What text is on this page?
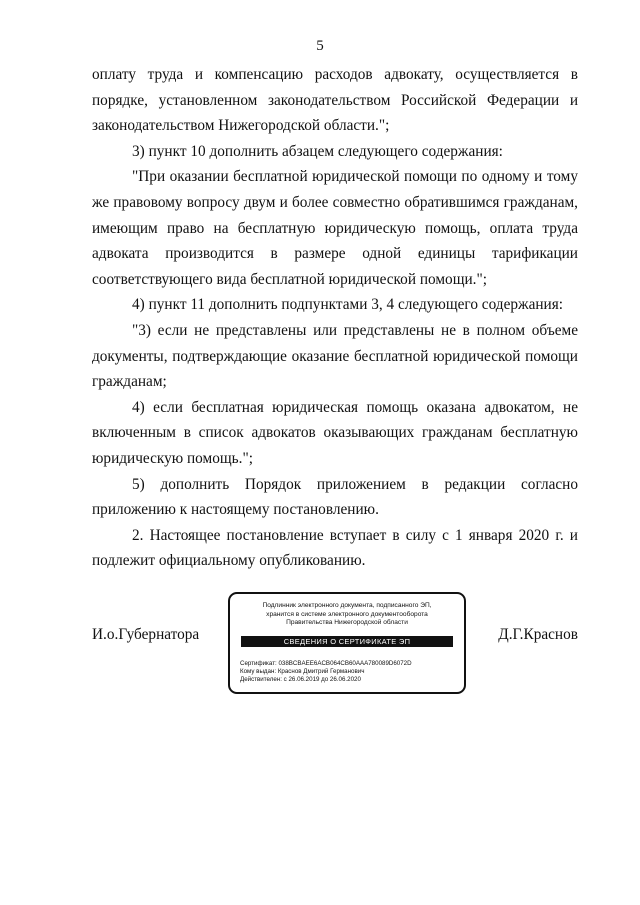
5

оплату труда и компенсацию расходов адвокату, осуществляется в порядке, установленном законодательством Российской Федерации и законодательством Нижегородской области.";

3) пункт 10 дополнить абзацем следующего содержания:

"При оказании бесплатной юридической помощи по одному и тому же правовому вопросу двум и более совместно обратившимся гражданам, имеющим право на бесплатную юридическую помощь, оплата труда адвоката производится в размере одной единицы тарификации соответствующего вида бесплатной юридической помощи.";

4) пункт 11 дополнить подпунктами 3, 4 следующего содержания:

"3) если не представлены или представлены не в полном объеме документы, подтверждающие оказание бесплатной юридической помощи гражданам;

4) если бесплатная юридическая помощь оказана адвокатом, не включенным в список адвокатов оказывающих гражданам бесплатную юридическую помощь.";

5) дополнить Порядок приложением в редакции согласно приложению к настоящему постановлению.

2. Настоящее постановление вступает в силу с 1 января 2020 г. и подлежит официальному опубликованию.

И.о.Губернатора	Д.Г.Краснов
Подлинник электронного документа, подписанного ЭП,
хранится в системе электронного документооборота
Правительства Нижегородской области
СВЕДЕНИЯ О СЕРТИФИКАТЕ ЭП
Сертификат: 038BCBAEE6ACB064CB60AAA780089D6072D
Кому выдан: Краснов Дмитрий Германович
Действителен: с 26.06.2019 до 26.06.2020
